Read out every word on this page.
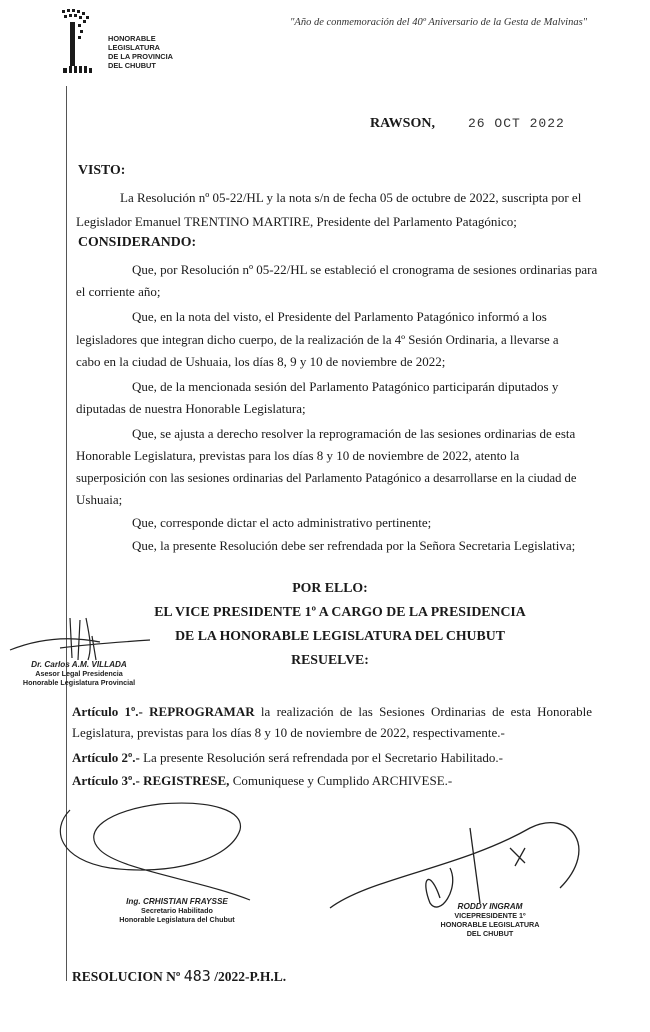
HONORABLE
LEGISLATURA
DE LA PROVINCIA
DEL CHUBUT
"Año de conmemoración del 40º Aniversario de la Gesta de Malvinas"
RAWSON,	26 OCT 2022
VISTO:
La Resolución nº 05-22/HL y la nota s/n de fecha 05 de octubre de 2022, suscripta por el
Legislador Emanuel TRENTINO MARTIRE, Presidente del Parlamento Patagónico;
CONSIDERANDO:
Que, por Resolución nº 05-22/HL se estableció el cronograma de sesiones ordinarias para
el corriente año;
Que, en la nota del visto, el Presidente del Parlamento Patagónico informó a los
legisladores que integran dicho cuerpo, de la realización de la 4º Sesión Ordinaria, a llevarse a
cabo en la ciudad de Ushuaia, los días 8, 9 y 10 de noviembre de 2022;
Que, de la mencionada sesión del Parlamento Patagónico participarán diputados y
diputadas de nuestra Honorable Legislatura;
Que, se ajusta a derecho resolver la reprogramación de las sesiones ordinarias de esta
Honorable Legislatura, previstas para los días 8 y 10 de noviembre de 2022, atento la
superposición con las sesiones ordinarias del Parlamento Patagónico a desarrollarse en la ciudad de
Ushuaia;
Que, corresponde dictar el acto administrativo pertinente;
Que, la presente Resolución debe ser refrendada por la Señora Secretaria Legislativa;
POR ELLO:
EL VICE PRESIDENTE 1º A CARGO DE LA PRESIDENCIA
DE LA HONORABLE LEGISLATURA DEL CHUBUT
RESUELVE:
Dr. Carlos A.M. VILLADA
Asesor Legal Presidencia
Honorable Legislatura Provincial
Artículo 1º.- REPROGRAMAR la realización de las Sesiones Ordinarias de esta Honorable Legislatura, previstas para los días 8 y 10 de noviembre de 2022, respectivamente.-
Artículo 2º.- La presente Resolución será refrendada por el Secretario Habilitado.-
Artículo 3º.- REGISTRESE, Comuniquese y Cumplido ARCHIVESE.-
Ing. CRHISTIAN FRAYSSE
Secretario Habilitado
Honorable Legislatura del Chubut
RODDY INGRAM
VICEPRESIDENTE 1º
HONORABLE LEGISLATURA
DEL CHUBUT
RESOLUCION Nº 483 /2022-P.H.L.
